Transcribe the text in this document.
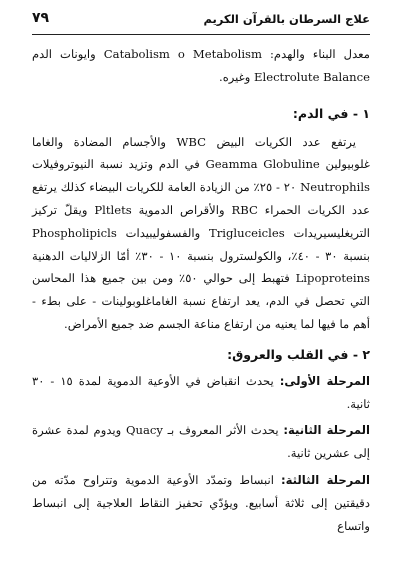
٧٩	علاج السرطان بالقرآن الكريم

معدل البناء والهدم: Catabolism o Metabolism وايونات الدم Electrolute Balance وغيره.

١ - في الدم:

يرتفع عدد الكريات البيض WBC والأجسام المضادة والغاما غلوبيولين Geamma Globuline في الدم وتزيد نسبة النيوتروفيلات Neutrophils ٢٠ - ٢٥٪ من الزيادة العامة للكريات البيضاء كذلك يرتفع عدد الكريات الحمراء RBC والأقراص الدموية Pltlets ويقلّ تركيز التريغليسيريدات Trigluceicles والفسفوليبيدات Phospholipicls بنسبة ٣٠ - ٤٠٪، والكولسترول بنسبة ١٠ - ٣٠٪ أمّا الزلاليات الدهنية Lipoproteins فتهبط إلى حوالي ٥٠٪ ومن بين جميع هذا المحاسن التي تحصل في الدم، يعد ارتفاع نسبة الغاماغلوبولينات - على بطء - أهم ما فيها لما يعنيه من ارتفاع مناعة الجسم ضد جميع الأمراض.

٢ - في القلب والعروق:

المرحلة الأولى: يحدث انقباض في الأوعية الدموية لمدة ١٥ - ٣٠ ثانية.

المرحلة الثانية: يحدث الأثر المعروف بـ Quacy ويدوم لمدة عشرة إلى عشرين ثانية.

المرحلة الثالثة: انبساط وتمدّد الأوعية الدموية وتتراوح مدّته من دقيقتين إلى ثلاثة أسابيع. ويؤدّي تحفيز النقاط العلاجية إلى انبساط واتساع
